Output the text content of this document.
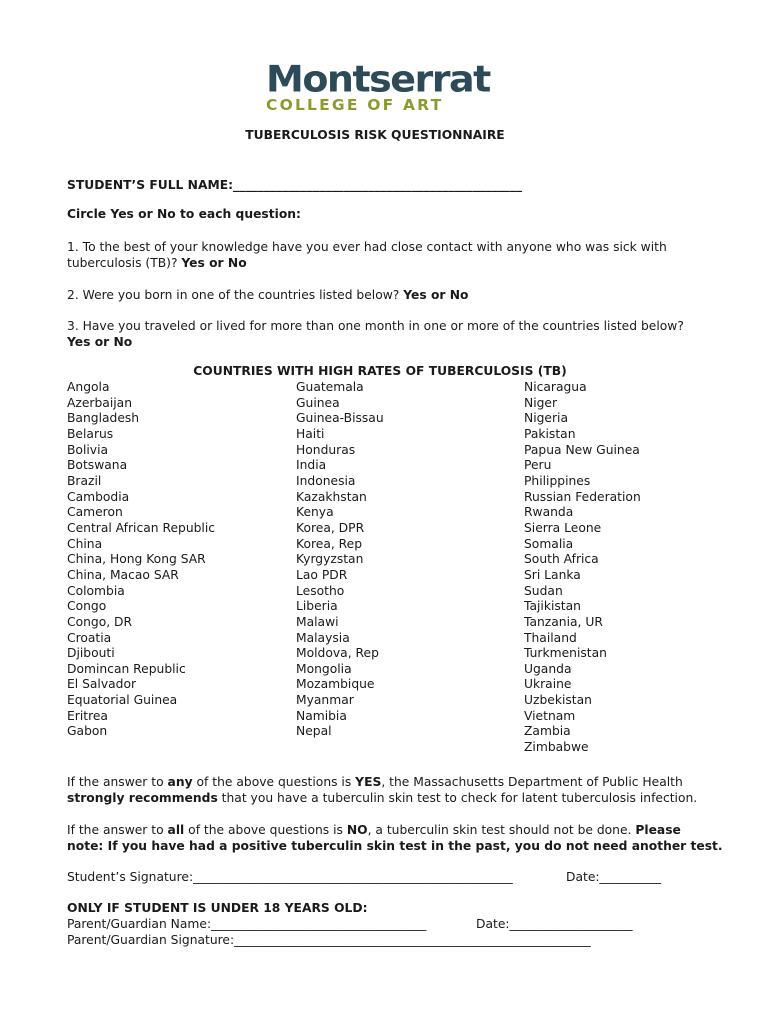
Montserrat
COLLEGE OF ART
TUBERCULOSIS RISK QUESTIONNAIRE
STUDENT’S FULL NAME:_______________________________________________
Circle Yes or No to each question:
1. To the best of your knowledge have you ever had close contact with anyone who was sick with
tuberculosis (TB)? Yes or No
2. Were you born in one of the countries listed below? Yes or No
3. Have you traveled or lived for more than one month in one or more of the countries listed below?
Yes or No
COUNTRIES WITH HIGH RATES OF TUBERCULOSIS (TB)
Angola
Azerbaijan
Bangladesh
Belarus
Bolivia
Botswana
Brazil
Cambodia
Cameron
Central African Republic
China
China, Hong Kong SAR
China, Macao SAR
Colombia
Congo
Congo, DR
Croatia
Djibouti
Domincan Republic
El Salvador
Equatorial Guinea
Eritrea
Gabon
Guatemala
Guinea
Guinea-Bissau
Haiti
Honduras
India
Indonesia
Kazakhstan
Kenya
Korea, DPR
Korea, Rep
Kyrgyzstan
Lao PDR
Lesotho
Liberia
Malawi
Malaysia
Moldova, Rep
Mongolia
Mozambique
Myanmar
Namibia
Nepal
Nicaragua
Niger
Nigeria
Pakistan
Papua New Guinea
Peru
Philippines
Russian Federation
Rwanda
Sierra Leone
Somalia
South Africa
Sri Lanka
Sudan
Tajikistan
Tanzania, UR
Thailand
Turkmenistan
Uganda
Ukraine
Uzbekistan
Vietnam
Zambia
Zimbabwe
If the answer to any of the above questions is YES, the Massachusetts Department of Public Health
strongly recommends that you have a tuberculin skin test to check for latent tuberculosis infection.
If the answer to all of the above questions is NO, a tuberculin skin test should not be done. Please
note: If you have had a positive tuberculin skin test in the past, you do not need another test.
Student’s Signature:____________________________________________________	Date:__________
ONLY IF STUDENT IS UNDER 18 YEARS OLD:
Parent/Guardian Name:___________________________________	Date:____________________
Parent/Guardian Signature:__________________________________________________________
